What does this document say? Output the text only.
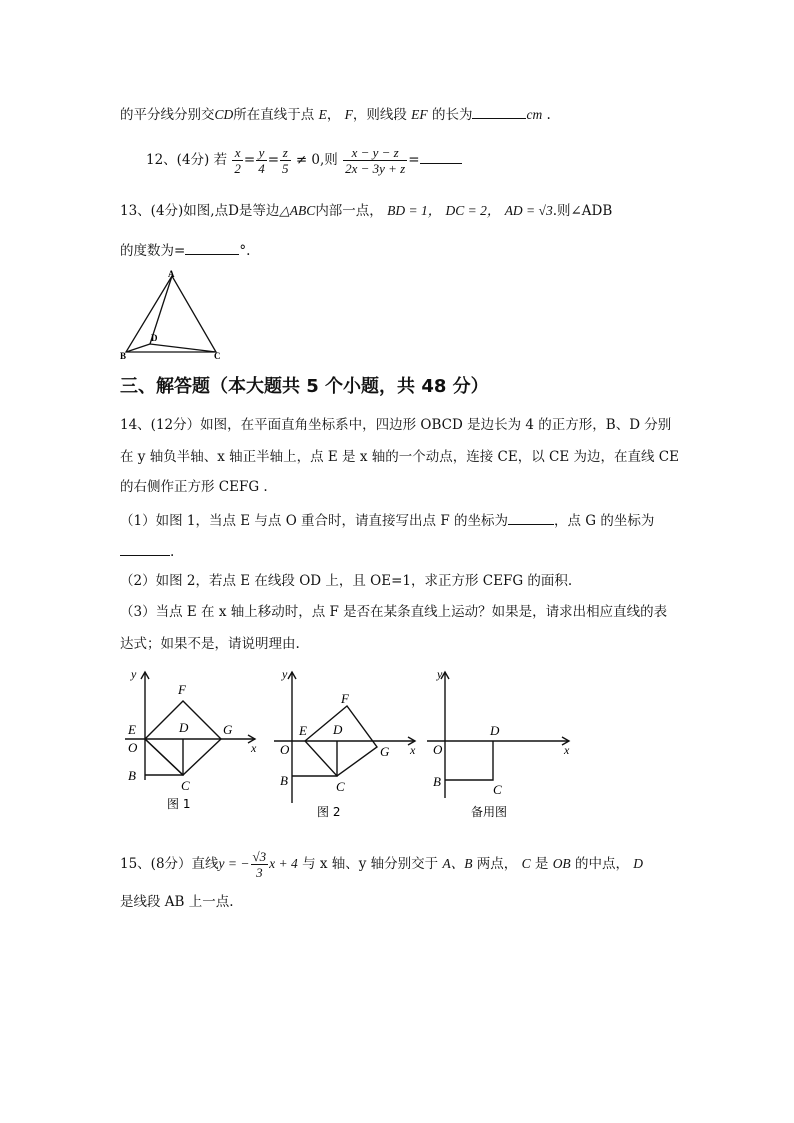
的平分线分别交CD所在直线于点 E， F，则线段 EF 的长为	cm .
12、(4分) 若 $\frac{x}{2} = \frac{y}{4} = \frac{z}{5} \ne 0$,则 $\frac{x - y - z}{2x - 3y + z}$ =
13、(4分)如图,点D是等边△ABC内部一点， BD = 1， DC = 2， AD = √3.则∠ADB
的度数为=	°.
A
B	C
D
三、解答题（本大题共 5 个小题，共 48 分）
14、(12分）如图，在平面直角坐标系中，四边形 OBCD 是边长为 4 的正方形，B、D 分别
在 y 轴负半轴、x 轴正半轴上，点 E 是 x 轴的一个动点，连接 CE，以 CE 为边，在直线 CE
的右侧作正方形 CEFG .
（1）如图 1，当点 E 与点 O 重合时，请直接写出点 F 的坐标为	，点 G 的坐标为
.
（2）如图 2，若点 E 在线段 OD 上，且 OE=1，求正方形 CEFG 的面积.
（3）当点 E 在 x 轴上移动时，点 F 是否在某条直线上运动？如果是，请求出相应直线的表
达式；如果不是，请说明理由.
y
x
E
O
B
F
D	G
C
图 1
y
x
E
O
B
F
D
G
C
图 2
y
x
O
B
D
C
备用图
15、(8分）直线y = − $\frac{√3}{3}$ x + 4 与 x 轴、y 轴分别交于 A、B 两点， C 是 OB 的中点， D
是线段 AB 上一点.
